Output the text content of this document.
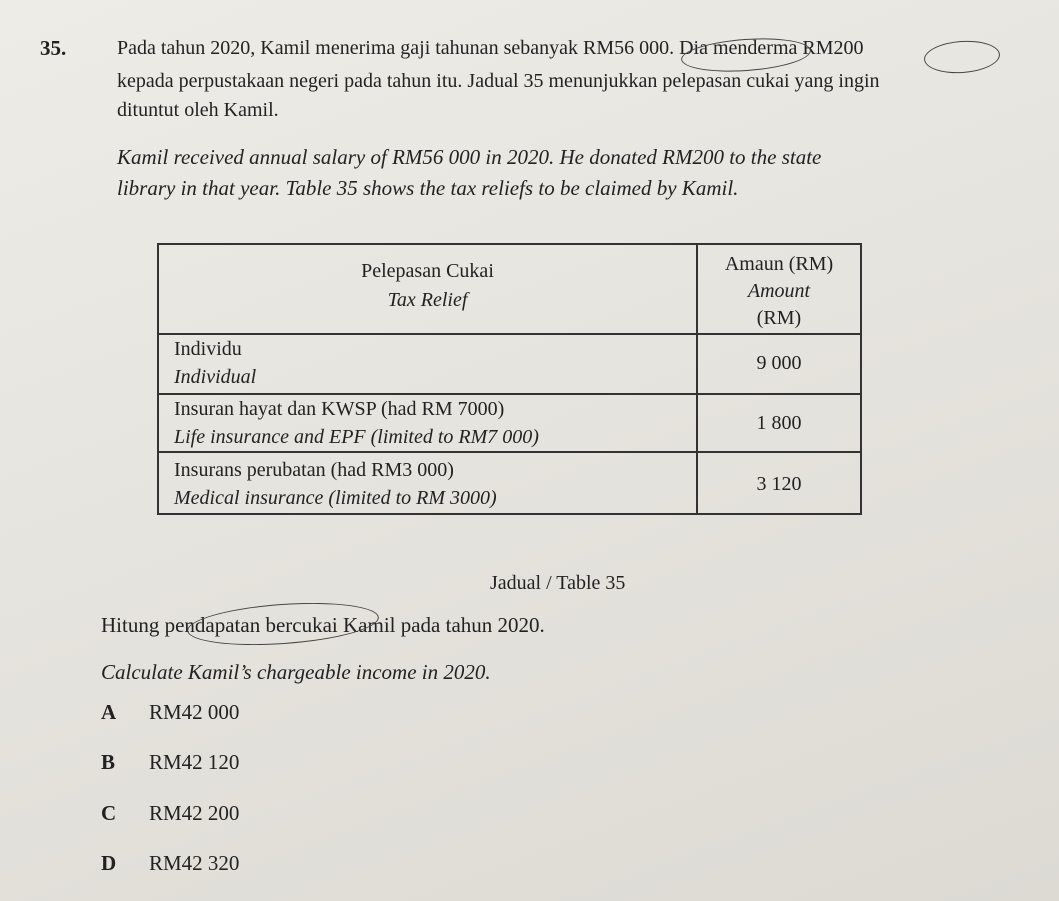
35.	Pada tahun 2020, Kamil menerima gaji tahunan sebanyak RM56 000. Dia menderma RM200
kepada perpustakaan negeri pada tahun itu. Jadual 35 menunjukkan pelepasan cukai yang ingin
dituntut oleh Kamil.
Kamil received annual salary of RM56 000 in 2020. He donated RM200 to the state
library in that year. Table 35 shows the tax reliefs to be claimed by Kamil.
Pelepasan Cukai
Tax Relief
Amaun (RM)
Amount
(RM)
Individu
Individual
9 000
Insuran hayat dan KWSP (had RM 7000)
Life insurance and EPF (limited to RM7 000)
1 800
Insurans perubatan (had RM3 000)
Medical insurance (limited to RM 3000)
3 120
Jadual / Table 35
Hitung pendapatan bercukai Kamil pada tahun 2020.
Calculate Kamil’s chargeable income in 2020.
A RM42 000
B RM42 120
C RM42 200
D RM42 320
